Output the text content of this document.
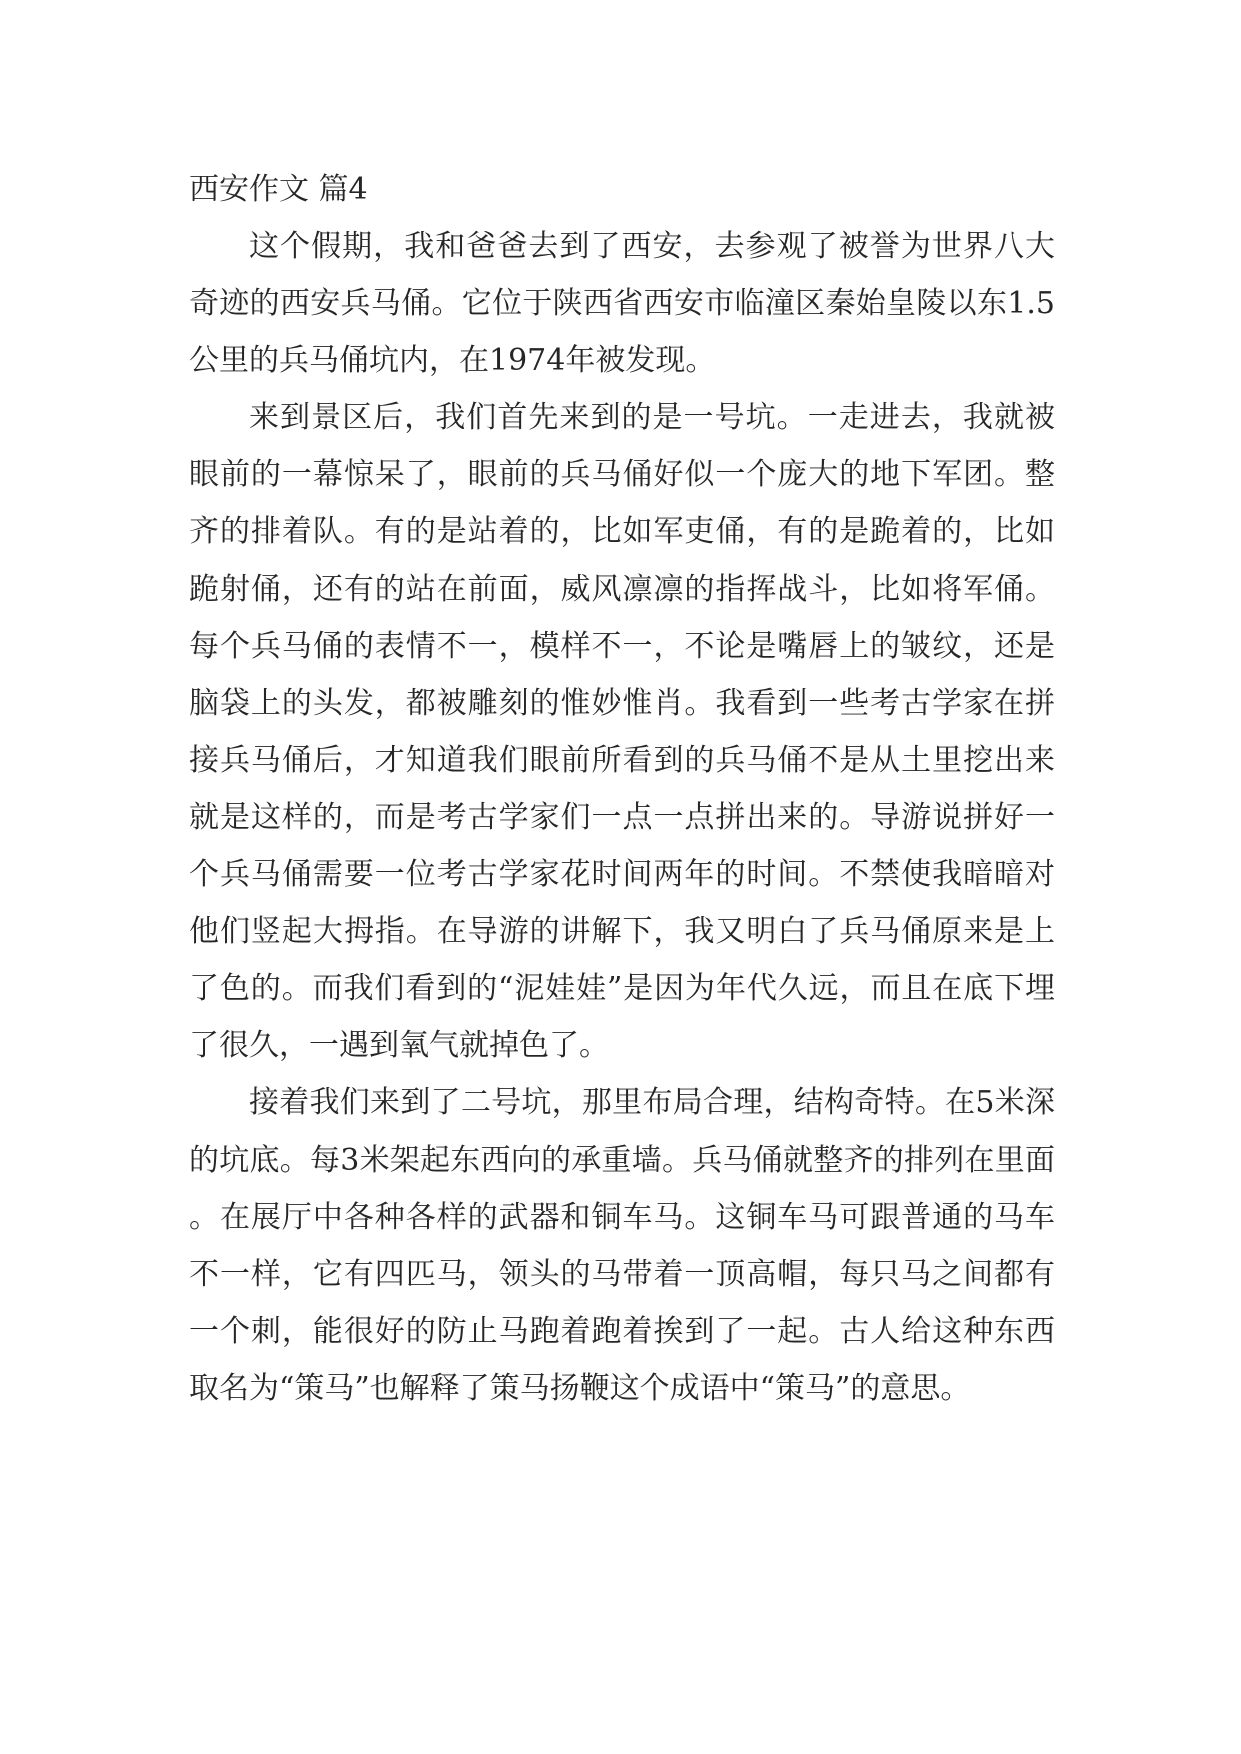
西安作文 篇4

这个假期，我和爸爸去到了西安，去参观了被誉为世界八大奇迹的西安兵马俑。它位于陕西省西安市临潼区秦始皇陵以东1.5公里的兵马俑坑内，在1974年被发现。

来到景区后，我们首先来到的是一号坑。一走进去，我就被眼前的一幕惊呆了，眼前的兵马俑好似一个庞大的地下军团。整齐的排着队。有的是站着的，比如军吏俑，有的是跪着的，比如跪射俑，还有的站在前面，威风凛凛的指挥战斗，比如将军俑。每个兵马俑的表情不一，模样不一，不论是嘴唇上的皱纹，还是脑袋上的头发，都被雕刻的惟妙惟肖。我看到一些考古学家在拼接兵马俑后，才知道我们眼前所看到的兵马俑不是从土里挖出来就是这样的，而是考古学家们一点一点拼出来的。导游说拼好一个兵马俑需要一位考古学家花时间两年的时间。不禁使我暗暗对他们竖起大拇指。在导游的讲解下，我又明白了兵马俑原来是上了色的。而我们看到的“泥娃娃”是因为年代久远，而且在底下埋了很久，一遇到氧气就掉色了。

接着我们来到了二号坑，那里布局合理，结构奇特。在5米深的坑底。每3米架起东西向的承重墙。兵马俑就整齐的排列在里面。在展厅中各种各样的武器和铜车马。这铜车马可跟普通的马车不一样，它有四匹马，领头的马带着一顶高帽，每只马之间都有一个刺，能很好的防止马跑着跑着挨到了一起。古人给这种东西取名为“策马”也解释了策马扬鞭这个成语中“策马”的意思。
